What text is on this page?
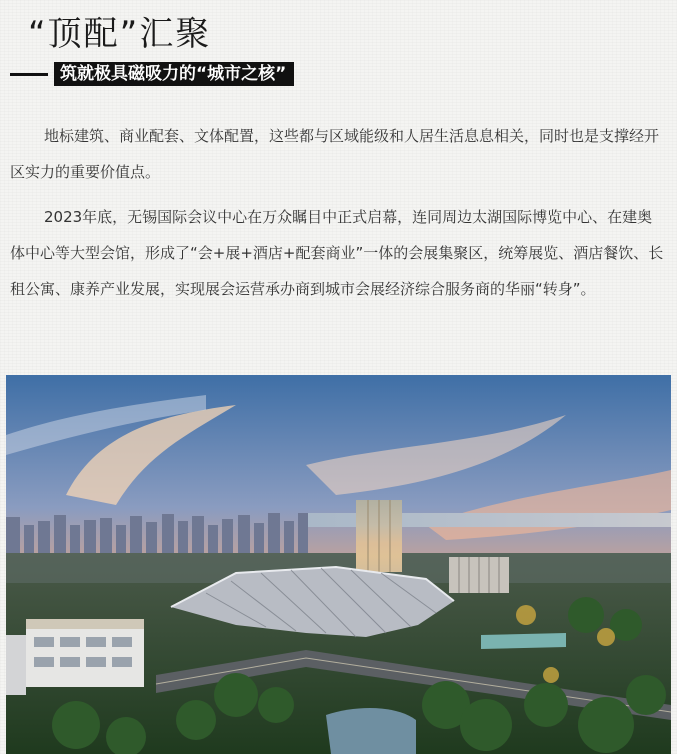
“顶配”汇聚
筑就极具磁吸力的“城市之核”

地标建筑、商业配套、文体配置，这些都与区域能级和人居生活息息相关，同时也是支撑经开区实力的重要价值点。

2023年底，无锡国际会议中心在万众瞩目中正式启幕，连同周边太湖国际博览中心、在建奥体中心等大型会馆，形成了“会+展+酒店+配套商业”一体的会展集聚区，统筹展览、酒店餐饮、长租公寓、康养产业发展，实现展会运营承办商到城市会展经济综合服务商的华丽“转身”。
